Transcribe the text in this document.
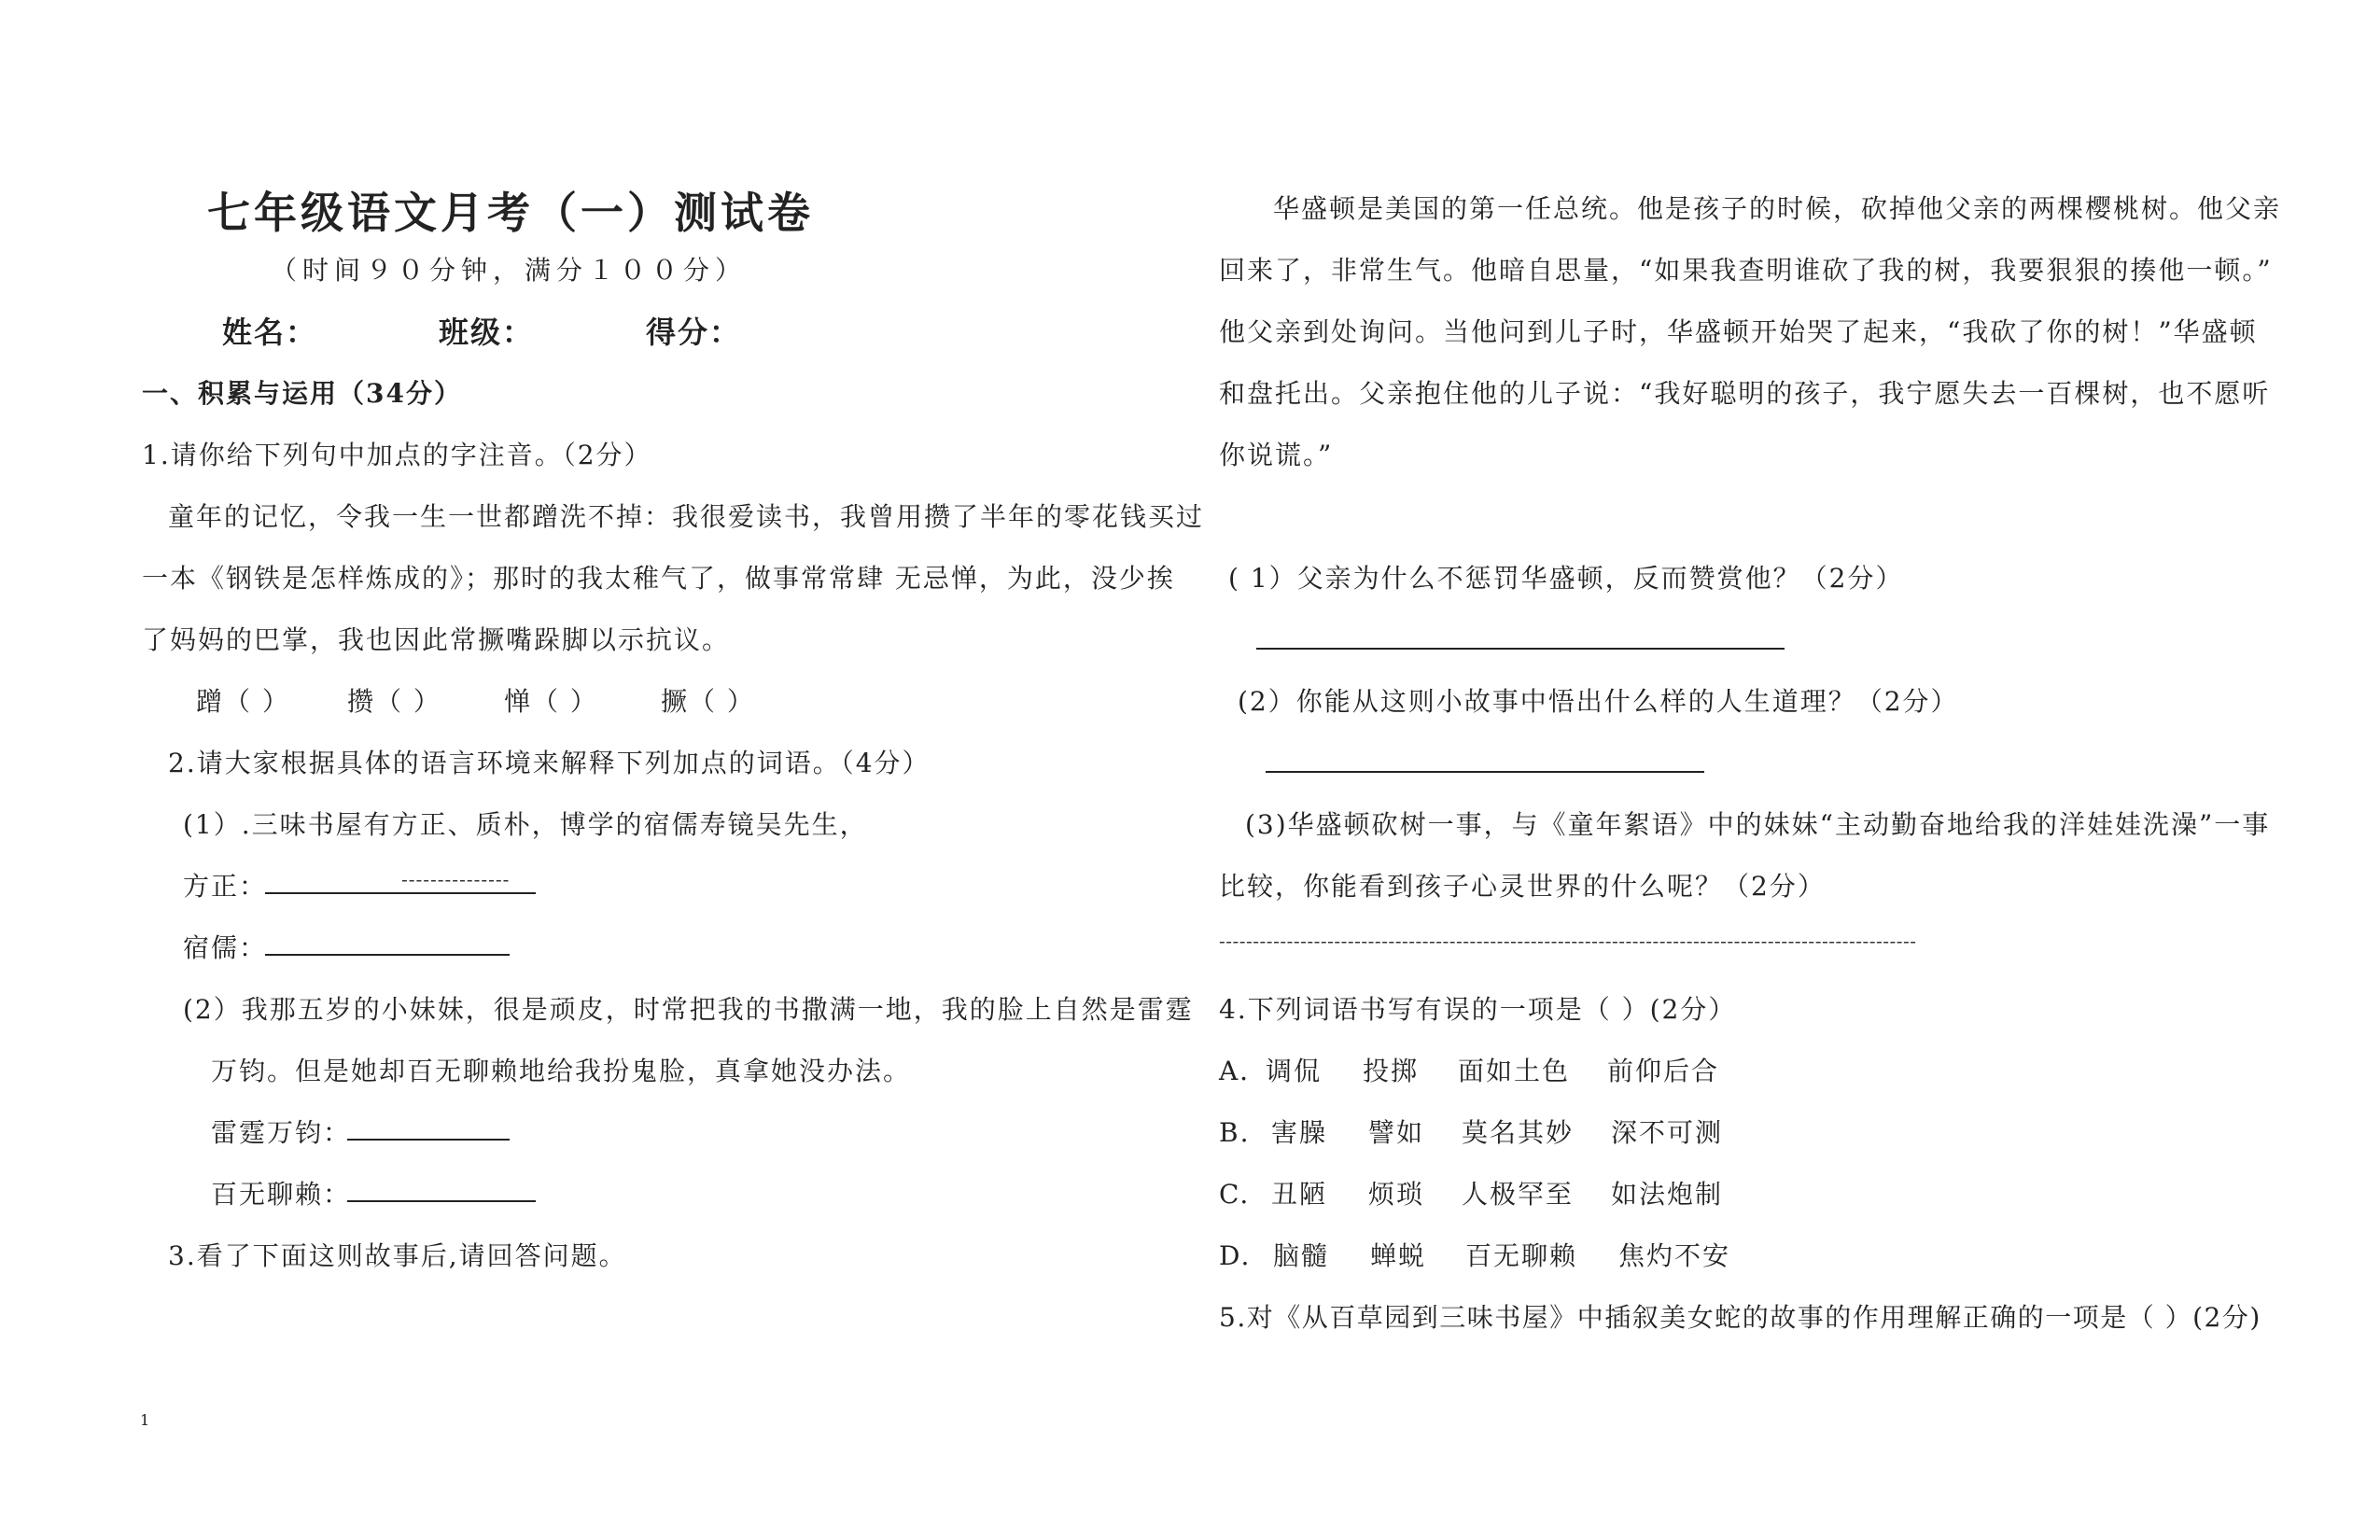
七年级语文月考（一）测试卷
（时间９０分钟，满分１００分）
姓名：	班级：	得分：
一、积累与运用（34分）
1.请你给下列句中加点的字注音。（2分）
童年的记忆，令我一生一世都蹭洗不掉：我很爱读书，我曾用攒了半年的零花钱买过
一本《钢铁是怎样炼成的》；那时的我太稚气了，做事常常肆 无忌惮，为此，没少挨
了妈妈的巴掌，我也因此常撅嘴跺脚以示抗议。
蹭（ ） 攒（ ） 惮（ ） 撅（ ）
2.请大家根据具体的语言环境来解释下列加点的词语。（4分）
(1）.三味书屋有方正、质朴，博学的宿儒寿镜吴先生，
方正：	---------------
宿儒：
(2）我那五岁的小妹妹，很是顽皮，时常把我的书撒满一地，我的脸上自然是雷霆
万钧。但是她却百无聊赖地给我扮鬼脸，真拿她没办法。
雷霆万钧：
百无聊赖：
3.看了下面这则故事后,请回答问题。
1
华盛顿是美国的第一任总统。他是孩子的时候，砍掉他父亲的两棵樱桃树。他父亲
回来了，非常生气。他暗自思量，“如果我查明谁砍了我的树，我要狠狠的揍他一顿。”
他父亲到处询问。当他问到儿子时，华盛顿开始哭了起来，“我砍了你的树！”华盛顿
和盘托出。父亲抱住他的儿子说：“我好聪明的孩子，我宁愿失去一百棵树，也不愿听
你说谎。”
( 1）父亲为什么不惩罚华盛顿，反而赞赏他？（2分）
(2）你能从这则小故事中悟出什么样的人生道理？（2分）
(3)华盛顿砍树一事，与《童年絮语》中的妹妹“主动勤奋地给我的洋娃娃洗澡”一事
比较，你能看到孩子心灵世界的什么呢？（2分）
-------------------------------------------------------------------------------------------------------
4.下列词语书写有误的一项是（ ）(2分）
A．
调侃 投掷 面如土色 前仰后合
B. 害臊 譬如 莫名其妙 深不可测
C. 丑陋 烦琐 人极罕至 如法炮制
D. 脑髓 蝉蜕 百无聊赖 焦灼不安
5.对《从百草园到三味书屋》中插叙美女蛇的故事的作用理解正确的一项是（ ）(2分)
